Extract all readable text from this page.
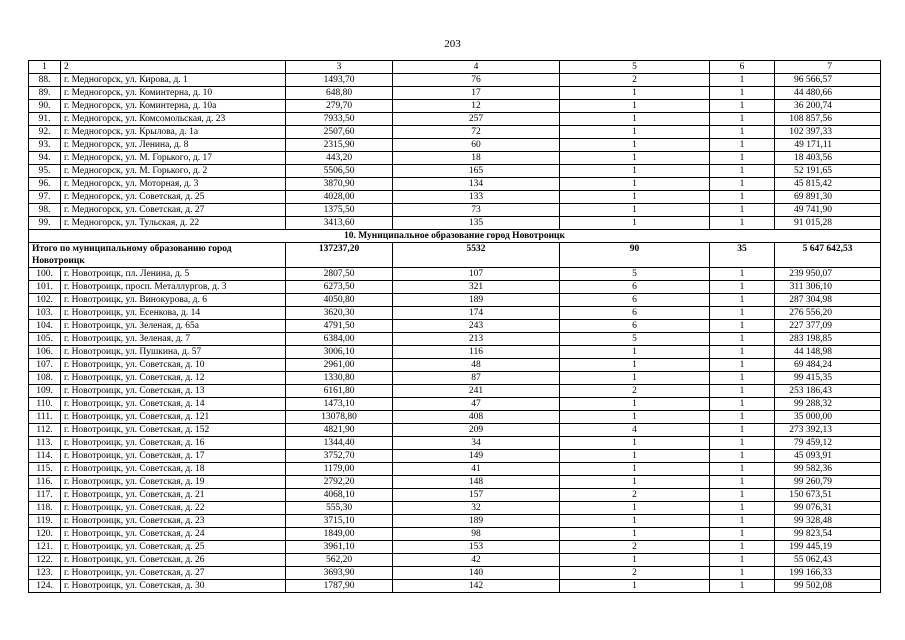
203
1	2	3	4	5	6	7
88.	г. Медногорск, ул. Кирова, д. 1	1493,70	76	2	1	96 566,57
89.	г. Медногорск, ул. Коминтерна, д. 10	648,80	17	1	1	44 480,66
90.	г. Медногорск, ул. Коминтерна, д. 10а	279,70	12	1	1	36 200,74
91.	г. Медногорск, ул. Комсомольская, д. 23	7933,50	257	1	1	108 857,56
92.	г. Медногорск, ул. Крылова, д. 1а	2507,60	72	1	1	102 397,33
93.	г. Медногорск, ул. Ленина, д. 8	2315,90	60	1	1	49 171,11
94.	г. Медногорск, ул. М. Горького, д. 17	443,20	18	1	1	18 403,56
95.	г. Медногорск, ул. М. Горького, д. 2	5506,50	165	1	1	52 191,65
96.	г. Медногорск, ул. Моторная, д. 3	3870,90	134	1	1	45 815,42
97.	г. Медногорск, ул. Советская, д. 25	4028,00	133	1	1	69 891,30
98.	г. Медногорск, ул. Советская, д. 27	1375,50	73	1	1	49 741,90
99.	г. Медногорск, ул. Тульская, д. 22	3413,60	135	1	1	91 015,28
10. Муниципальное образование город Новотроицк						
Итого по муниципальному образованию город Новотроицк		137237,20	5532	90	35	5 647 642,53
100.	г. Новотроицк, пл. Ленина, д. 5	2807,50	107	5	1	239 950,07
101.	г. Новотроицк, просп. Металлургов, д. 3	6273,50	321	6	1	311 306,10
102.	г. Новотроицк, ул. Винокурова, д. 6	4050,80	189	6	1	287 304,98
103.	г. Новотроицк, ул. Есенкова, д. 14	3620,30	174	6	1	276 556,20
104.	г. Новотроицк, ул. Зеленая, д. 65а	4791,50	243	6	1	227 377,09
105.	г. Новотроицк, ул. Зеленая, д. 7	6384,00	213	5	1	283 198,85
106.	г. Новотроицк, ул. Пушкина, д. 57	3006,10	116	1	1	44 148,98
107.	г. Новотроицк, ул. Советская, д. 10	2961,00	48	1	1	69 484,24
108.	г. Новотроицк, ул. Советская, д. 12	1330,80	87	1	1	99 415,35
109.	г. Новотроицк, ул. Советская, д. 13	6161,80	241	2	1	253 186,43
110.	г. Новотроицк, ул. Советская, д. 14	1473,10	47	1	1	99 288,32
111.	г. Новотроицк, ул. Советская, д. 121	13078,80	408	1	1	35 000,00
112.	г. Новотроицк, ул. Советская, д. 152	4821,90	209	4	1	273 392,13
113.	г. Новотроицк, ул. Советская, д. 16	1344,40	34	1	1	79 459,12
114.	г. Новотроицк, ул. Советская, д. 17	3752,70	149	1	1	45 093,91
115.	г. Новотроицк, ул. Советская, д. 18	1179,00	41	1	1	99 582,36
116.	г. Новотроицк, ул. Советская, д. 19	2792,20	148	1	1	99 260,79
117.	г. Новотроицк, ул. Советская, д. 21	4068,10	157	2	1	150 673,51
118.	г. Новотроицк, ул. Советская, д. 22	555,30	32	1	1	99 076,31
119.	г. Новотроицк, ул. Советская, д. 23	3715,10	189	1	1	99 328,48
120.	г. Новотроицк, ул. Советская, д. 24	1849,00	98	1	1	99 823,54
121.	г. Новотроицк, ул. Советская, д. 25	3961,10	153	2	1	199 445,19
122.	г. Новотроицк, ул. Советская, д. 26	562,20	42	1	1	55 062,43
123.	г. Новотроицк, ул. Советская, д. 27	3693,90	140	2	1	199 166,33
124.	г. Новотроицк, ул. Советская, д. 30	1787,90	142	1	1	99 502,08
